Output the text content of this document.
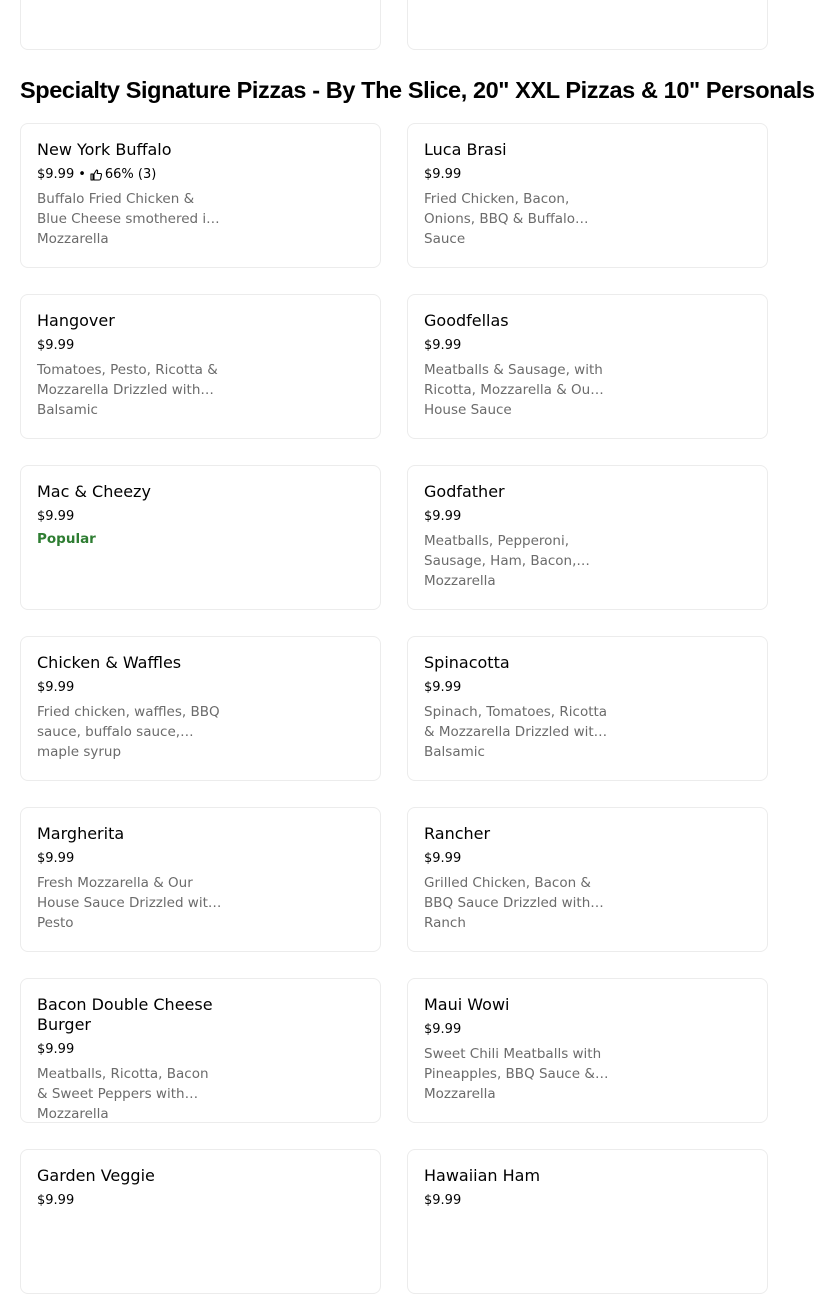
Specialty Signature Pizzas - By The Slice, 20" XXL Pizzas & 10" Personals
New York Buffalo
$9.99 • 66% (3)
Buffalo Fried Chicken & Blue Cheese smothered in Mozzarella
Luca Brasi
$9.99
Fried Chicken, Bacon, Onions, BBQ & Buffalo Sauce
Hangover
$9.99
Tomatoes, Pesto, Ricotta & Mozzarella Drizzled with Balsamic
Goodfellas
$9.99
Meatballs & Sausage, with Ricotta, Mozzarella & Our House Sauce
Mac & Cheezy
$9.99
Popular
Godfather
$9.99
Meatballs, Pepperoni, Sausage, Ham, Bacon, Mozzarella
Chicken & Waffles
$9.99
Fried chicken, waffles, BBQ sauce, buffalo sauce, maple syrup
Spinacotta
$9.99
Spinach, Tomatoes, Ricotta & Mozzarella Drizzled with Balsamic
Margherita
$9.99
Fresh Mozzarella & Our House Sauce Drizzled with Pesto
Rancher
$9.99
Grilled Chicken, Bacon & BBQ Sauce Drizzled with Ranch
Bacon Double Cheese Burger
$9.99
Meatballs, Ricotta, Bacon & Sweet Peppers with Mozzarella
Maui Wowi
$9.99
Sweet Chili Meatballs with Pineapples, BBQ Sauce & Mozzarella
Garden Veggie
$9.99
Hawaiian Ham
$9.99
